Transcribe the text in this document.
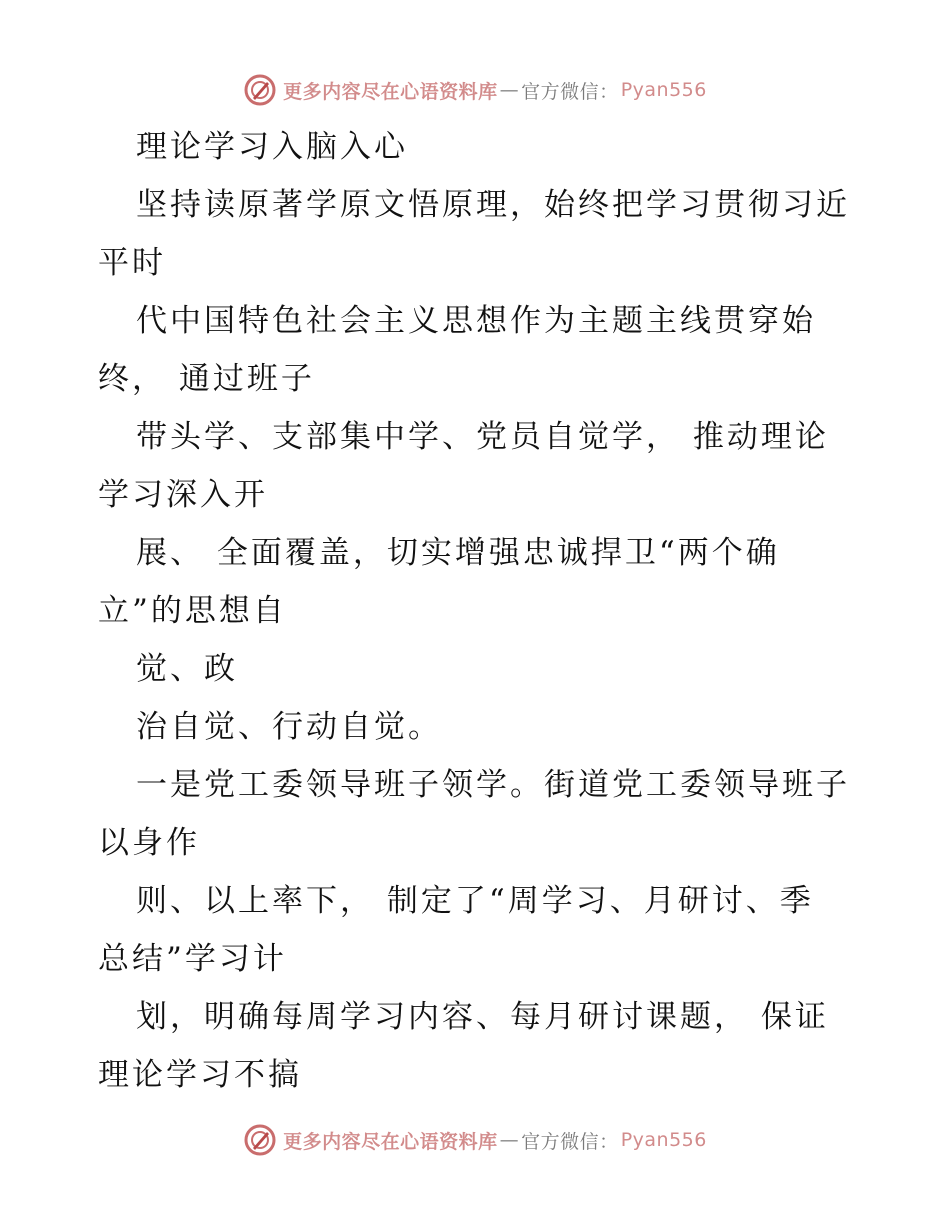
更多内容尽在心语资料库 — 官方微信： Pyan556
理论学习入脑入心
坚持读原著学原文悟原理，始终把学习贯彻习近
平时
代中国特色社会主义思想作为主题主线贯穿始
终， 通过班子
带头学、支部集中学、党员自觉学， 推动理论
学习深入开
展、 全面覆盖，切实增强忠诚捍卫“两个确
立”的思想自
觉、政
治自觉、行动自觉。
一是党工委领导班子领学。街道党工委领导班子
以身作
则、以上率下， 制定了“周学习、月研讨、季
总结”学习计
划，明确每周学习内容、每月研讨课题， 保证
理论学习不搞
更多内容尽在心语资料库 — 官方微信： Pyan556
